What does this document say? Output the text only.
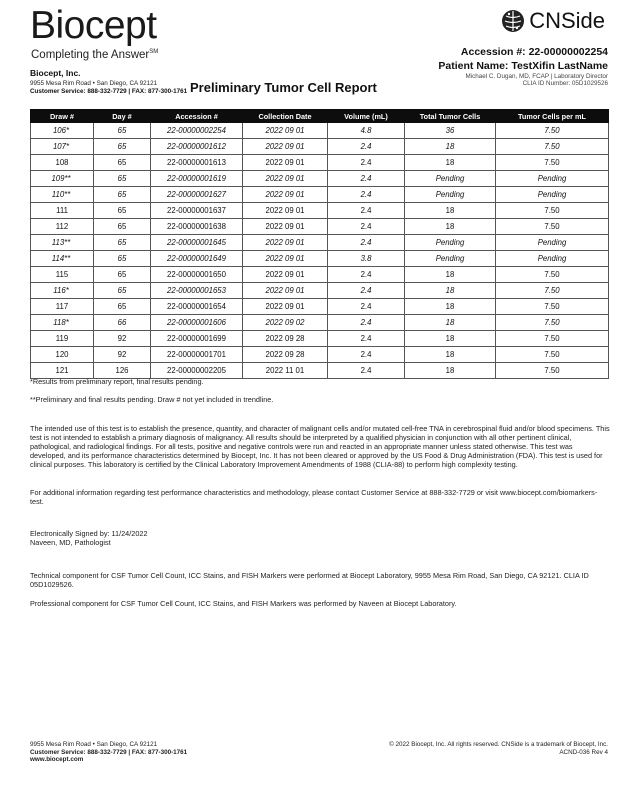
Biocept
Completing the Answer℠
Biocept, Inc.
9955 Mesa Rim Road • San Diego, CA 92121
Customer Service: 888-332-7729 | FAX: 877-300-1761 Preliminary Tumor Cell Report
CNSide
Accession #: 22-00000002254
Patient Name: TestXifin LastName
Michael C. Dugan, MD, FCAP | Laboratory Director
CLIA ID Number: 05D1029526
Draw #	Day #	Accession #	Collection Date	Volume (mL)	Total Tumor Cells	Tumor Cells per mL
106*	65	22-00000002254	2022 09 01	4.8	36	7.50
107*	65	22-00000001612	2022 09 01	2.4	18	7.50
108	65	22-00000001613	2022 09 01	2.4	18	7.50
109**	65	22-00000001619	2022 09 01	2.4	Pending	Pending
110**	65	22-00000001627	2022 09 01	2.4	Pending	Pending
111	65	22-00000001637	2022 09 01	2.4	18	7.50
112	65	22-00000001638	2022 09 01	2.4	18	7.50
113**	65	22-00000001645	2022 09 01	2.4	Pending	Pending
114**	65	22-00000001649	2022 09 01	3.8	Pending	Pending
115	65	22-00000001650	2022 09 01	2.4	18	7.50
116*	65	22-00000001653	2022 09 01	2.4	18	7.50
117	65	22-00000001654	2022 09 01	2.4	18	7.50
118*	66	22-00000001606	2022 09 02	2.4	18	7.50
119	92	22-00000001699	2022 09 28	2.4	18	7.50
120	92	22-00000001701	2022 09 28	2.4	18	7.50
121	126	22-00000002205	2022 11 01	2.4	18	7.50
*Results from preliminary report, final results pending.
**Preliminary and final results pending. Draw # not yet included in trendline.
The intended use of this test is to establish the presence, quantity, and character of malignant cells and/or mutated cell-free TNA in cerebrospinal fluid and/or blood specimens. This test is not intended to establish a primary diagnosis of malignancy. All results should be interpreted by a qualified physician in conjunction with all other pertinent clinical, pathological, and radiological findings. For all tests, positive and negative controls were run and reacted in an appropriate manner unless stated otherwise. This test was developed, and its performance characteristics determined by Biocept, Inc. It has not been cleared or approved by the US Food & Drug Administration (FDA). This test is used for clinical purposes. This laboratory is certified by the Clinical Laboratory Improvement Amendments of 1988 (CLIA-88) to perform high complexity testing.
For additional information regarding test performance characteristics and methodology, please contact Customer Service at 888-332-7729 or visit www.biocept.com/biomarkers-test.

Electronically Signed by: 11/24/2022

Naveen, MD, Pathologist

Technical component for CSF Tumor Cell Count, ICC Stains, and FISH Markers were performed at Biocept Laboratory, 9955 Mesa Rim Road, San Diego, CA 92121. CLIA ID 05D1029526.
Professional component for CSF Tumor Cell Count, ICC Stains, and FISH Markers was performed by Naveen at Biocept Laboratory.
9955 Mesa Rim Road • San Diego, CA 92121
Customer Service: 888-332-7729 | FAX: 877-300-1761
www.biocept.com
© 2022 Biocept, Inc. All rights reserved. CNSide is a trademark of Biocept, Inc.
ACND-036 Rev 4
